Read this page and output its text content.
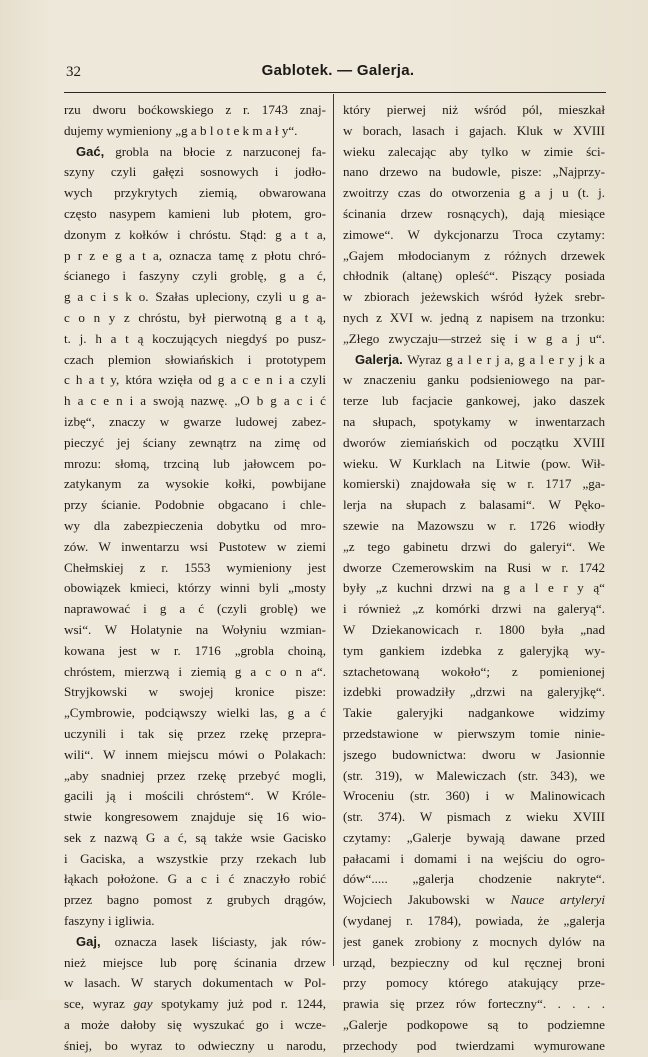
32	Gablotek. — Galerja.
rzu dworu boćkowskiego z r. 1743 znaj-
dujemy wymieniony „g a b l o t e k m a ł y“.
Gać, grobla na błocie z narzuconej fa-
szyny czyli gałęzi sosnowych i jodło-
wych przykrytych ziemią, obwarowana
często nasypem kamieni lub płotem, gro-
dzonym z kołków i chróstu. Stąd: g a t a,
p r z e g a t a, oznacza tamę z płotu chró-
ścianego i faszyny czyli groblę, g a ć,
g a c i s k o. Szałas upleciony, czyli u g a-
c o n y z chróstu, był pierwotną g a t ą,
t. j. h a t ą koczujących niegdyś po pusz-
czach plemion słowiańskich i prototypem
c h a t y, która wzięła od g a c e n i a czyli
h a c e n i a swoją nazwę. „O b g a c i ć
izbę“, znaczy w gwarze ludowej zabez-
pieczyć jej ściany zewnątrz na zimę od
mrozu: słomą, trzciną lub jałowcem po-
zatykanym za wysokie kołki, powbijane
przy ścianie. Podobnie obgacano i chle-
wy dla zabezpieczenia dobytku od mro-
zów. W inwentarzu wsi Pustotew w ziemi
Chełmskiej z r. 1553 wymieniony jest
obowiązek kmieci, którzy winni byli „mosty
naprawować i g a ć (czyli groblę) we
wsi“. W Holatynie na Wołyniu wzmian-
kowana jest w r. 1716 „grobla choiną,
chróstem, mierzwą i ziemią g a c o n a“.
Stryjkowski w swojej kronice pisze:
„Cymbrowie, podciąwszy wielki las, g a ć
uczynili i tak się przez rzekę przepra-
wili“. W innem miejscu mówi o Polakach:
„aby snadniej przez rzekę przebyć mogli,
gacili ją i mościli chróstem“. W Króle-
stwie kongresowem znajduje się 16 wio-
sek z nazwą G a ć, są także wsie Gacisko
i Gaciska, a wszystkie przy rzekach lub
łąkach położone. G a c i ć znaczyło robić
przez bagno pomost z grubych drągów,
faszyny i igliwia.
Gaj, oznacza lasek liściasty, jak rów-
nież miejsce lub porę ścinania drzew
w lasach. W starych dokumentach w Pol-
sce, wyraz gay spotykamy już pod r. 1244,
a może dałoby się wyszukać go i wcze-
śniej, bo wyraz to odwieczny u narodu,
który pierwej niż wśród pól, mieszkał
w borach, lasach i gajach. Kluk w XVIII
wieku zalecając aby tylko w zimie ści-
nano drzewo na budowle, pisze: „Najprzy-
zwoitrzy czas do otworzenia g a j u (t. j.
ścinania drzew rosnących), dają miesiące
zimowe“. W dykcjonarzu Troca czytamy:
„Gajem młodocianym z różnych drzewek
chłodnik (altanę) opleść“. Piszący posiada
w zbiorach jeżewskich wśród łyżek srebr-
nych z XVI w. jedną z napisem na trzonku:
„Złego zwyczaju—strzeż się i w g a j u“.
Galerja. Wyraz g a l e r j a, g a l e r y j k a
w znaczeniu ganku podsieniowego na par-
terze lub facjacie gankowej, jako daszek
na słupach, spotykamy w inwentarzach
dworów ziemiańskich od początku XVIII
wieku. W Kurklach na Litwie (pow. Wił-
komierski) znajdowała się w r. 1717 „ga-
lerja na słupach z balasami“. W Pęko-
szewie na Mazowszu w r. 1726 wiodły
„z tego gabinetu drzwi do galeryi“. We
dworze Czemerowskim na Rusi w r. 1742
były „z kuchni drzwi na g a l e r y ą“
i również „z komórki drzwi na galeryą“.
W Dziekanowicach r. 1800 była „nad
tym gankiem izdebka z galeryjką wy-
sztachetowaną wokoło“; z pomienionej
izdebki prowadziły „drzwi na galeryjkę“.
Takie galeryjki nadgankowe widzimy
przedstawione w pierwszym tomie ninie-
jszego budownictwa: dworu w Jasionnie
(str. 319), w Malewiczach (str. 343), we
Wroceniu (str. 360) i w Malinowicach
(str. 374). W pismach z wieku XVIII
czytamy: „Galerje bywają dawane przed
pałacami i domami i na wejściu do ogro-
dów“..... „galerja chodzenie nakryte“.
Wojciech Jakubowski w Nauce artyleryi
(wydanej r. 1784), powiada, że „galerja
jest ganek zrobiony z mocnych dylów na
urząd, bezpieczny od kul ręcznej broni
przy pomocy którego atakujący prze-
prawia się przez rów forteczny“. . . . .
„Galerje podkopowe są to podziemne
przechody pod twierdzami wymurowane
